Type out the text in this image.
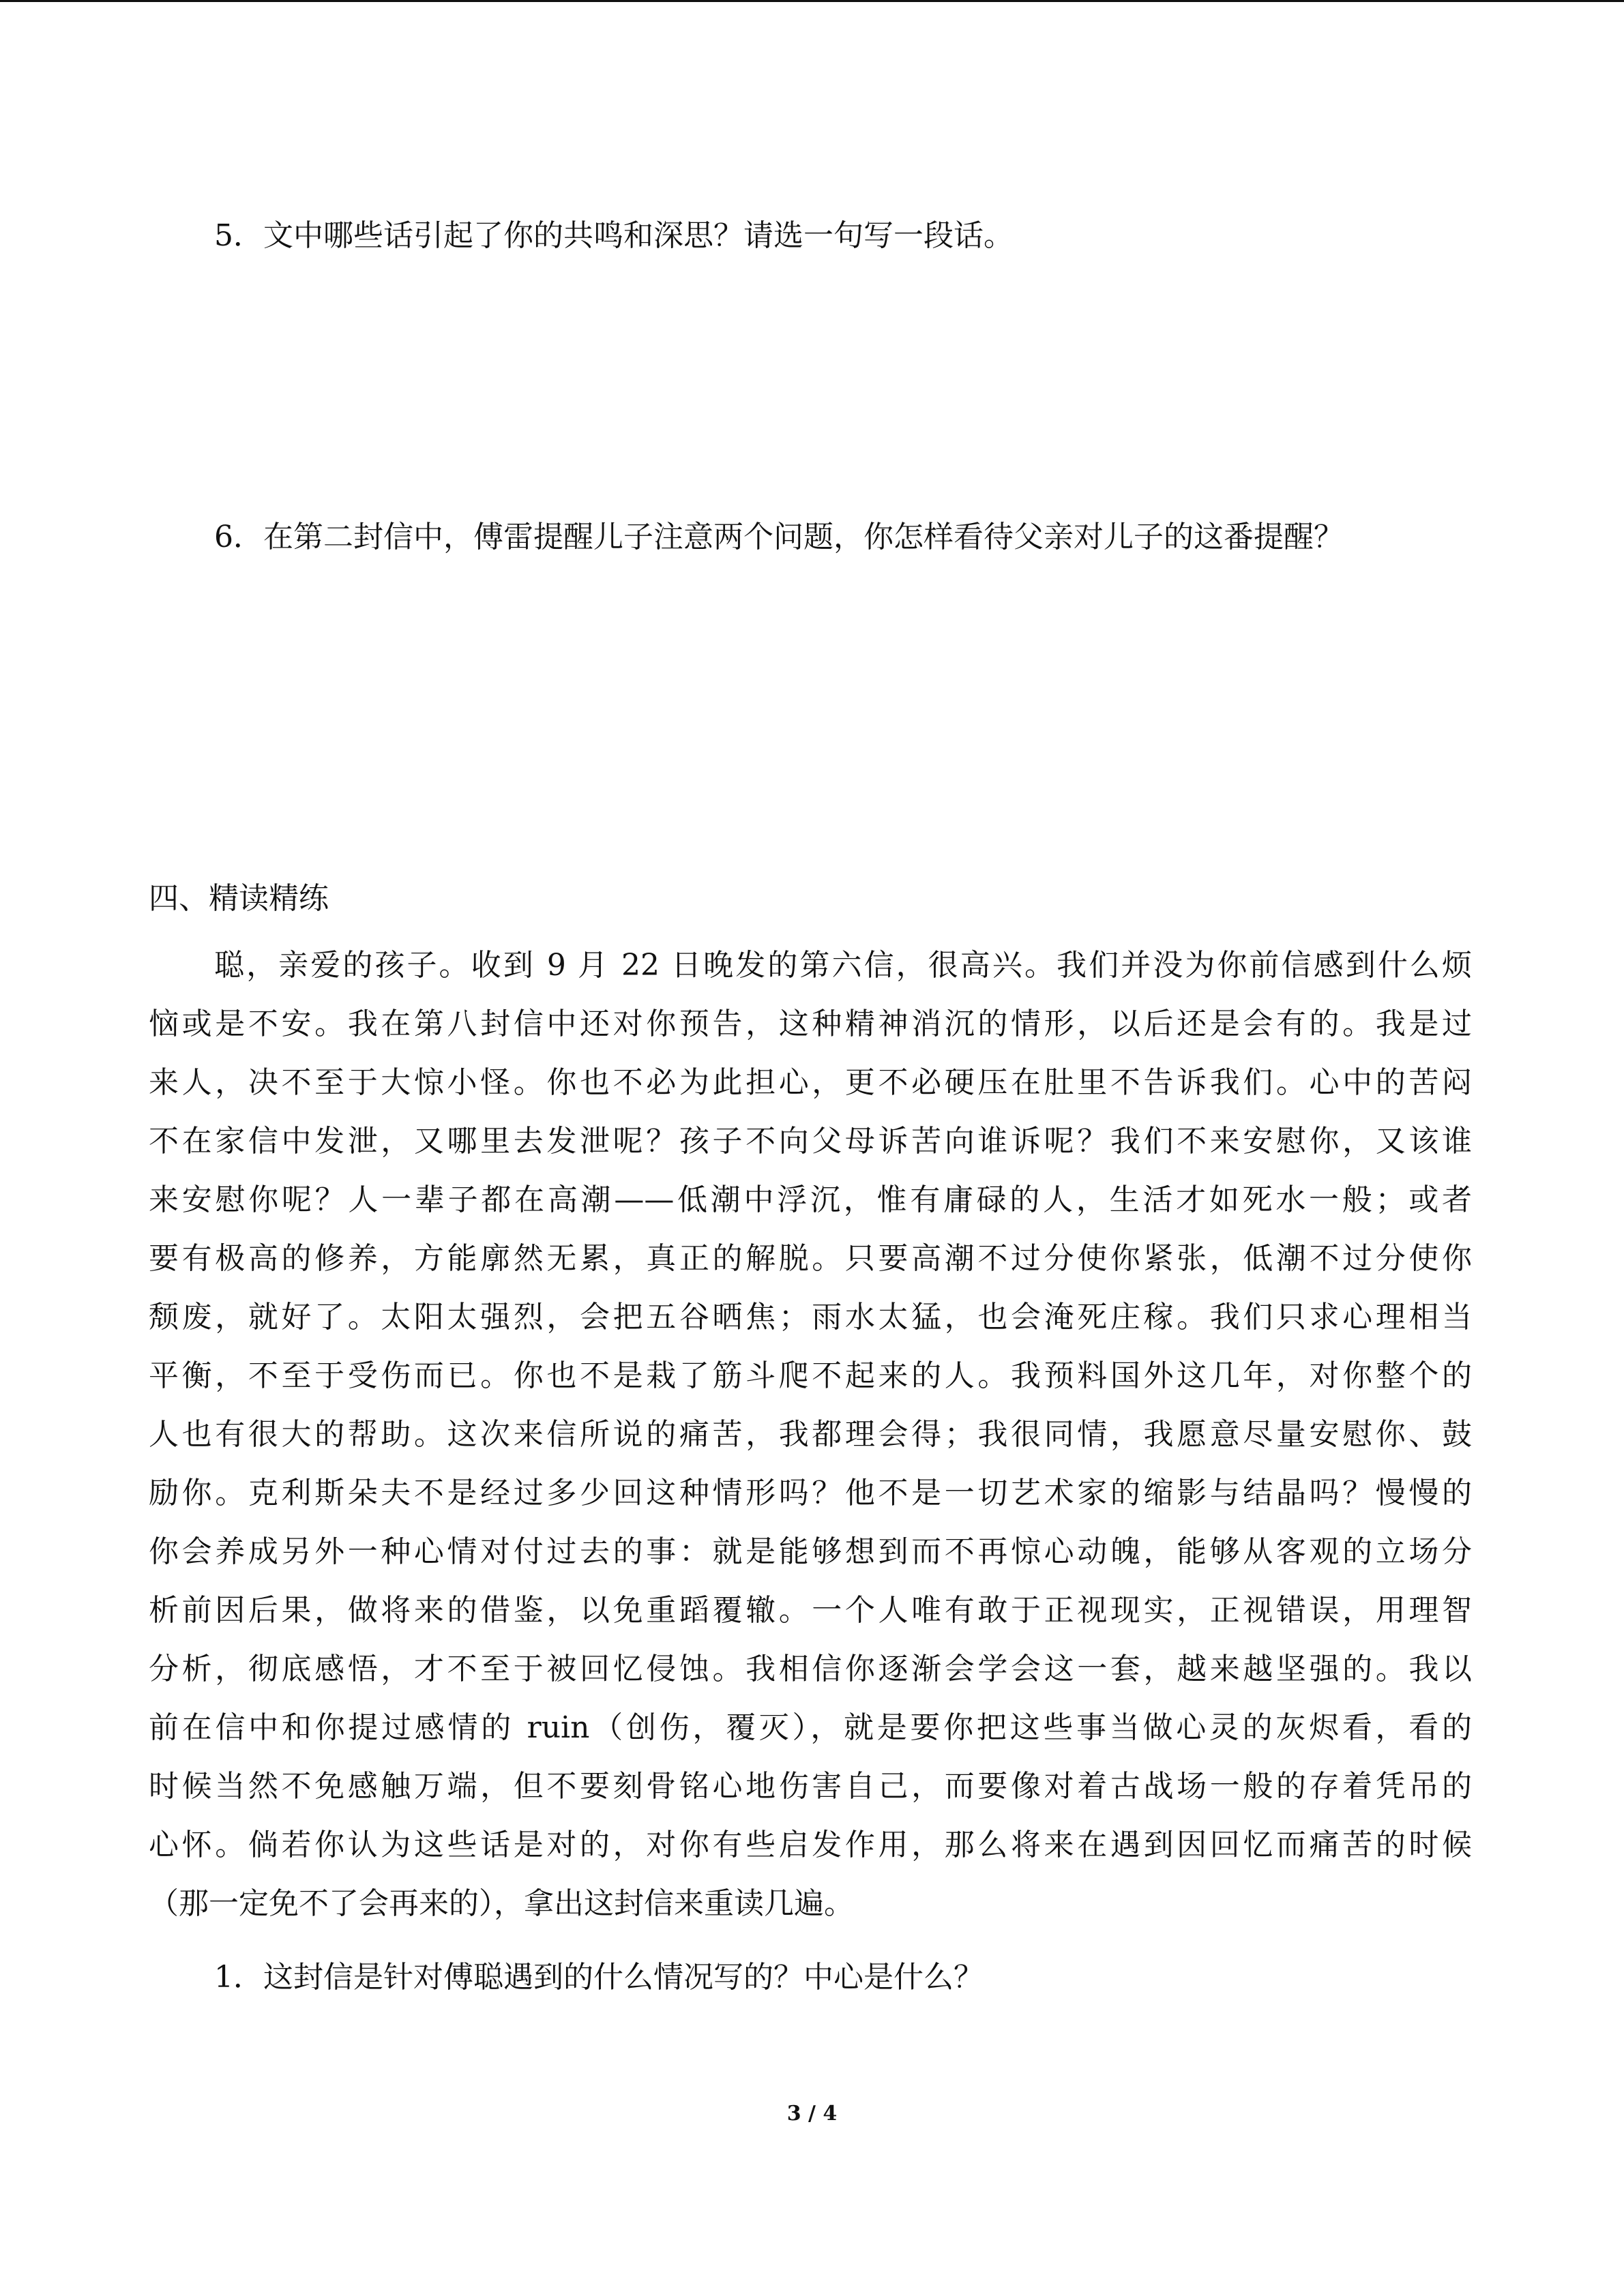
5．文中哪些话引起了你的共鸣和深思？请选一句写一段话。
6．在第二封信中，傅雷提醒儿子注意两个问题，你怎样看待父亲对儿子的这番提醒？
四、精读精练
聪，亲爱的孩子。收到 9 月 22 日晚发的第六信，很高兴。我们并没为你前信感到什么烦
恼或是不安。我在第八封信中还对你预告，这种精神消沉的情形，以后还是会有的。我是过
来人，决不至于大惊小怪。你也不必为此担心，更不必硬压在肚里不告诉我们。心中的苦闷
不在家信中发泄，又哪里去发泄呢？孩子不向父母诉苦向谁诉呢？我们不来安慰你，又该谁
来安慰你呢？人一辈子都在高潮——低潮中浮沉，惟有庸碌的人，生活才如死水一般；或者
要有极高的修养，方能廓然无累，真正的解脱。只要高潮不过分使你紧张，低潮不过分使你
颓废，就好了。太阳太强烈，会把五谷晒焦；雨水太猛，也会淹死庄稼。我们只求心理相当
平衡，不至于受伤而已。你也不是栽了筋斗爬不起来的人。我预料国外这几年，对你整个的
人也有很大的帮助。这次来信所说的痛苦，我都理会得；我很同情，我愿意尽量安慰你、鼓
励你。克利斯朵夫不是经过多少回这种情形吗？他不是一切艺术家的缩影与结晶吗？慢慢的
你会养成另外一种心情对付过去的事：就是能够想到而不再惊心动魄，能够从客观的立场分
析前因后果，做将来的借鉴，以免重蹈覆辙。一个人唯有敢于正视现实，正视错误，用理智
分析，彻底感悟，才不至于被回忆侵蚀。我相信你逐渐会学会这一套，越来越坚强的。我以
前在信中和你提过感情的 ruin（创伤，覆灭），就是要你把这些事当做心灵的灰烬看，看的
时候当然不免感触万端，但不要刻骨铭心地伤害自己，而要像对着古战场一般的存着凭吊的
心怀。倘若你认为这些话是对的，对你有些启发作用，那么将来在遇到因回忆而痛苦的时候
（那一定免不了会再来的），拿出这封信来重读几遍。
1．这封信是针对傅聪遇到的什么情况写的？中心是什么？
3 / 4
